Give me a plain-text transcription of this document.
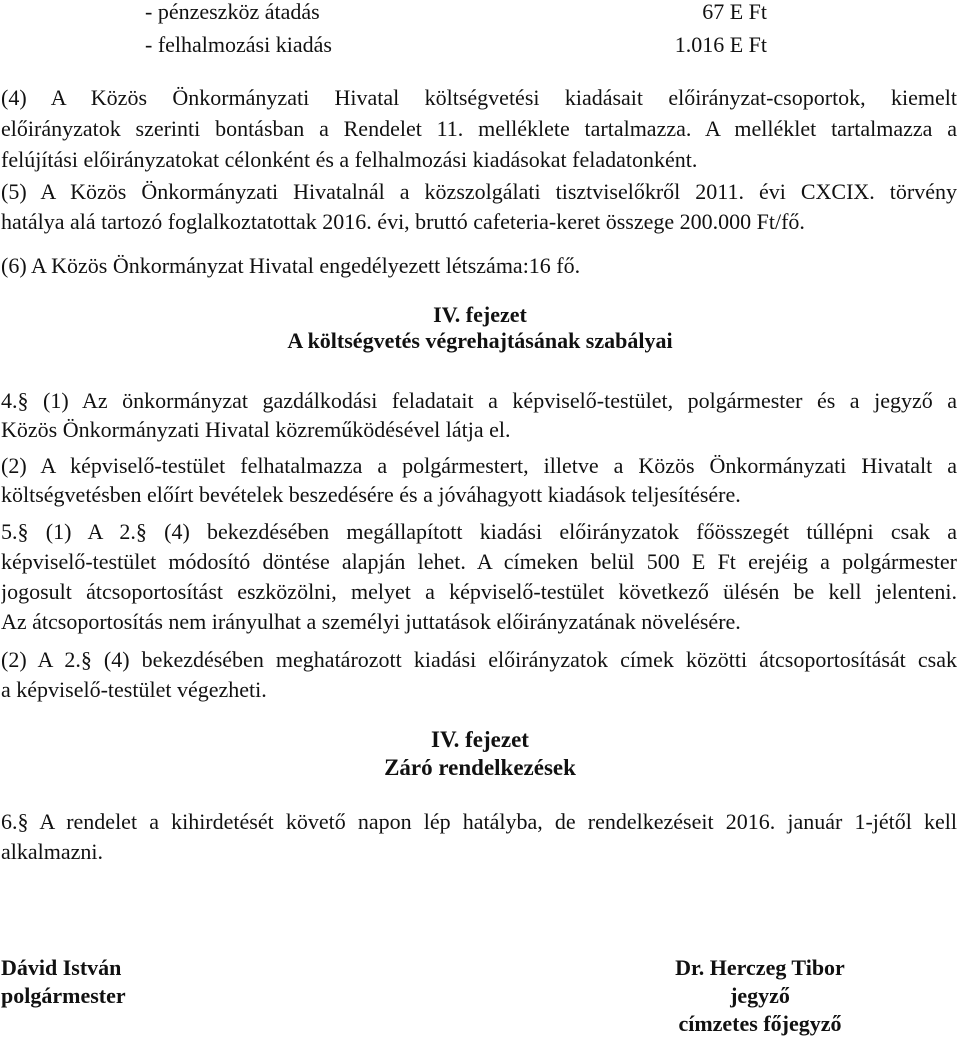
- pénzeszköz átadás	67 E Ft
- felhalmozási kiadás	1.016 E Ft
(4) A Közös Önkormányzati Hivatal költségvetési kiadásait előirányzat-csoportok, kiemelt
előirányzatok szerinti bontásban a Rendelet 11. melléklete tartalmazza. A melléklet tartalmazza a
felújítási előirányzatokat célonként és a felhalmozási kiadásokat feladatonként.
(5) A Közös Önkormányzati Hivatalnál a közszolgálati tisztviselőkről 2011. évi CXCIX. törvény
hatálya alá tartozó foglalkoztatottak 2016. évi, bruttó cafeteria-keret összege 200.000 Ft/fő.
(6) A Közös Önkormányzat Hivatal engedélyezett létszáma:16 fő.
IV. fejezet
A költségvetés végrehajtásának szabályai
4.§ (1) Az önkormányzat gazdálkodási feladatait a képviselő-testület, polgármester és a jegyző a
Közös Önkormányzati Hivatal közreműködésével látja el.
(2) A képviselő-testület felhatalmazza a polgármestert, illetve a Közös Önkormányzati Hivatalt a
költségvetésben előírt bevételek beszedésére és a jóváhagyott kiadások teljesítésére.
5.§ (1) A 2.§ (4) bekezdésében megállapított kiadási előirányzatok főösszegét túllépni csak a
képviselő-testület módosító döntése alapján lehet. A címeken belül 500 E Ft erejéig a polgármester
jogosult átcsoportosítást eszközölni, melyet a képviselő-testület következő ülésén be kell jelenteni.
Az átcsoportosítás nem irányulhat a személyi juttatások előirányzatának növelésére.
(2) A 2.§ (4) bekezdésében meghatározott kiadási előirányzatok címek közötti átcsoportosítását csak
a képviselő-testület végezheti.
IV. fejezet
Záró rendelkezések
6.§ A rendelet a kihirdetését követő napon lép hatályba, de rendelkezéseit 2016. január 1-jétől kell
alkalmazni.
Dávid István
polgármester
Dr. Herczeg Tibor
jegyző
címzetes főjegyző
